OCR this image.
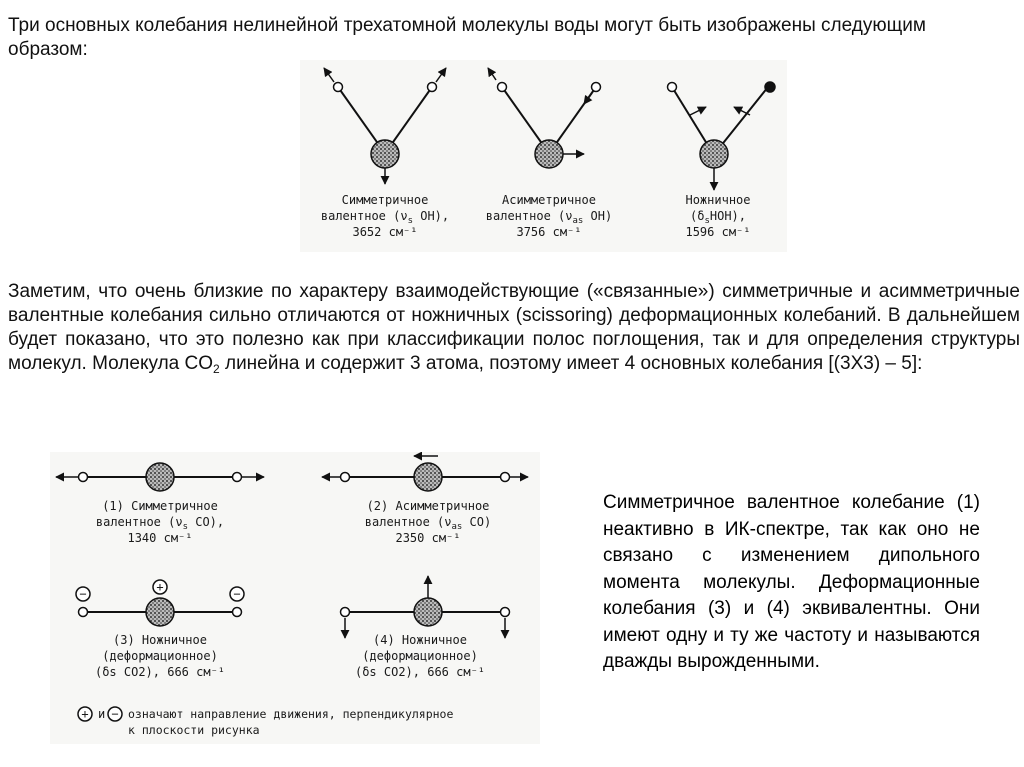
Три основных колебания нелинейной трехатомной молекулы воды могут быть изображены следующим образом:

Симметричное
валентное ($\nu_s$ OH),
3652 см⁻¹
Асимметричное
валентное ($\nu_{as}$ OH)
3756 см⁻¹
Ножничное
$(\delta_sHOH)$,
1596 см⁻¹

Заметим, что очень близкие по характеру взаимодействующие («связанные») симметричные и асимметричные валентные колебания сильно отличаются от ножничных (scissoring) деформационных колебаний. В дальнейшем будет показано, что это полезно как при классификации полос поглощения, так и для определения структуры молекул. Молекула $CO_2$ линейна и содержит 3 атома, поэтому имеет 4 основных колебания [(3Х3) – 5]:

(1) Симметричное
валентное ($\nu_s$ CO),
1340 см⁻¹
(2) Асимметричное
валентное ($\nu_{as}$ CO)
2350 см⁻¹
−	−
+
(3) Ножничное
(деформационное)
(δs CO2), 666 см⁻¹
(4) Ножничное
(деформационное)
(δs CO2), 666 см⁻¹
+ и − означают направление движения, перпендикулярное
к плоскости рисунка

Симметричное валентное колебание (1) неактивно в ИК-спектре, так как оно не связано с изменением дипольного момента молекулы. Деформационные колебания (3) и (4) эквивалентны. Они имеют одну и ту же частоту и называются дважды вырожденными.
